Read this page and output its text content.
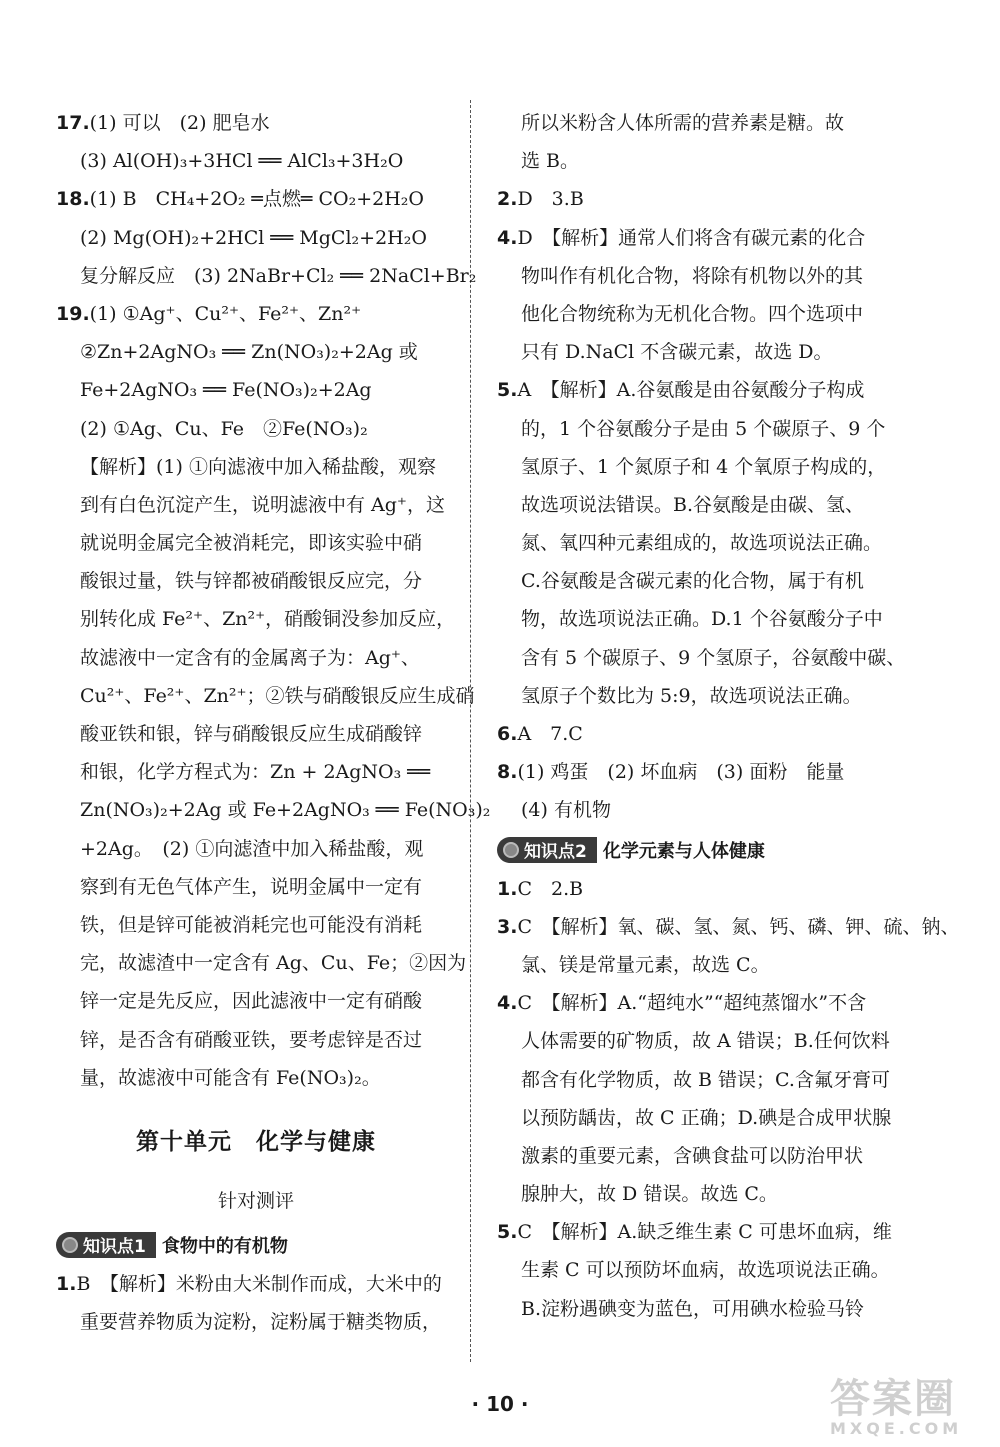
17.(1) 可以　(2) 肥皂水
(3) Al(OH)₃+3HCl ══ AlCl₃+3H₂O
18.(1) B　CH₄+2O₂ ═点燃═ CO₂+2H₂O
(2) Mg(OH)₂+2HCl ══ MgCl₂+2H₂O
复分解反应　(3) 2NaBr+Cl₂ ══ 2NaCl+Br₂
19.(1) ①Ag⁺、Cu²⁺、Fe²⁺、Zn²⁺
②Zn+2AgNO₃ ══ Zn(NO₃)₂+2Ag 或
Fe+2AgNO₃ ══ Fe(NO₃)₂+2Ag
(2) ①Ag、Cu、Fe　②Fe(NO₃)₂
【解析】(1) ①向滤液中加入稀盐酸，观察
到有白色沉淀产生，说明滤液中有 Ag⁺，这
就说明金属完全被消耗完，即该实验中硝
酸银过量，铁与锌都被硝酸银反应完，分
别转化成 Fe²⁺、Zn²⁺，硝酸铜没参加反应，
故滤液中一定含有的金属离子为：Ag⁺、
Cu²⁺、Fe²⁺、Zn²⁺；②铁与硝酸银反应生成硝
酸亚铁和银，锌与硝酸银反应生成硝酸锌
和银，化学方程式为：Zn + 2AgNO₃ ══
Zn(NO₃)₂+2Ag 或 Fe+2AgNO₃ ══ Fe(NO₃)₂
+2Ag。　(2) ①向滤渣中加入稀盐酸，观
察到有无色气体产生，说明金属中一定有
铁，但是锌可能被消耗完也可能没有消耗
完，故滤渣中一定含有 Ag、Cu、Fe；②因为
锌一定是先反应，因此滤液中一定有硝酸
锌，是否含有硝酸亚铁，要考虑锌是否过
量，故滤液中可能含有 Fe(NO₃)₂。
第十单元　化学与健康
针对测评
知识点1 食物中的有机物
1.B　【解析】米粉由大米制作而成，大米中的
重要营养物质为淀粉，淀粉属于糖类物质，
所以米粉含人体所需的营养素是糖。故
选 B。
2.D　3.B
4.D　【解析】通常人们将含有碳元素的化合
物叫作有机化合物，将除有机物以外的其
他化合物统称为无机化合物。四个选项中
只有 D.NaCl 不含碳元素，故选 D。
5.A　【解析】A.谷氨酸是由谷氨酸分子构成
的，1 个谷氨酸分子是由 5 个碳原子、9 个
氢原子、1 个氮原子和 4 个氧原子构成的，
故选项说法错误。B.谷氨酸是由碳、氢、
氮、氧四种元素组成的，故选项说法正确。
C.谷氨酸是含碳元素的化合物，属于有机
物，故选项说法正确。D.1 个谷氨酸分子中
含有 5 个碳原子、9 个氢原子，谷氨酸中碳、
氢原子个数比为 5:9，故选项说法正确。
6.A　7.C
8.(1) 鸡蛋　(2) 坏血病　(3) 面粉　能量
(4) 有机物
知识点2 化学元素与人体健康
1.C　2.B
3.C　【解析】氧、碳、氢、氮、钙、磷、钾、硫、钠、
氯、镁是常量元素，故选 C。
4.C　【解析】A.“超纯水”“超纯蒸馏水”不含
人体需要的矿物质，故 A 错误；B.任何饮料
都含有化学物质，故 B 错误；C.含氟牙膏可
以预防龋齿，故 C 正确；D.碘是合成甲状腺
激素的重要元素，含碘食盐可以防治甲状
腺肿大，故 D 错误。故选 C。
5.C　【解析】A.缺乏维生素 C 可患坏血病，维
生素 C 可以预防坏血病，故选项说法正确。
B.淀粉遇碘变为蓝色，可用碘水检验马铃
· 10 ·	答案圈
MXQE.COM
